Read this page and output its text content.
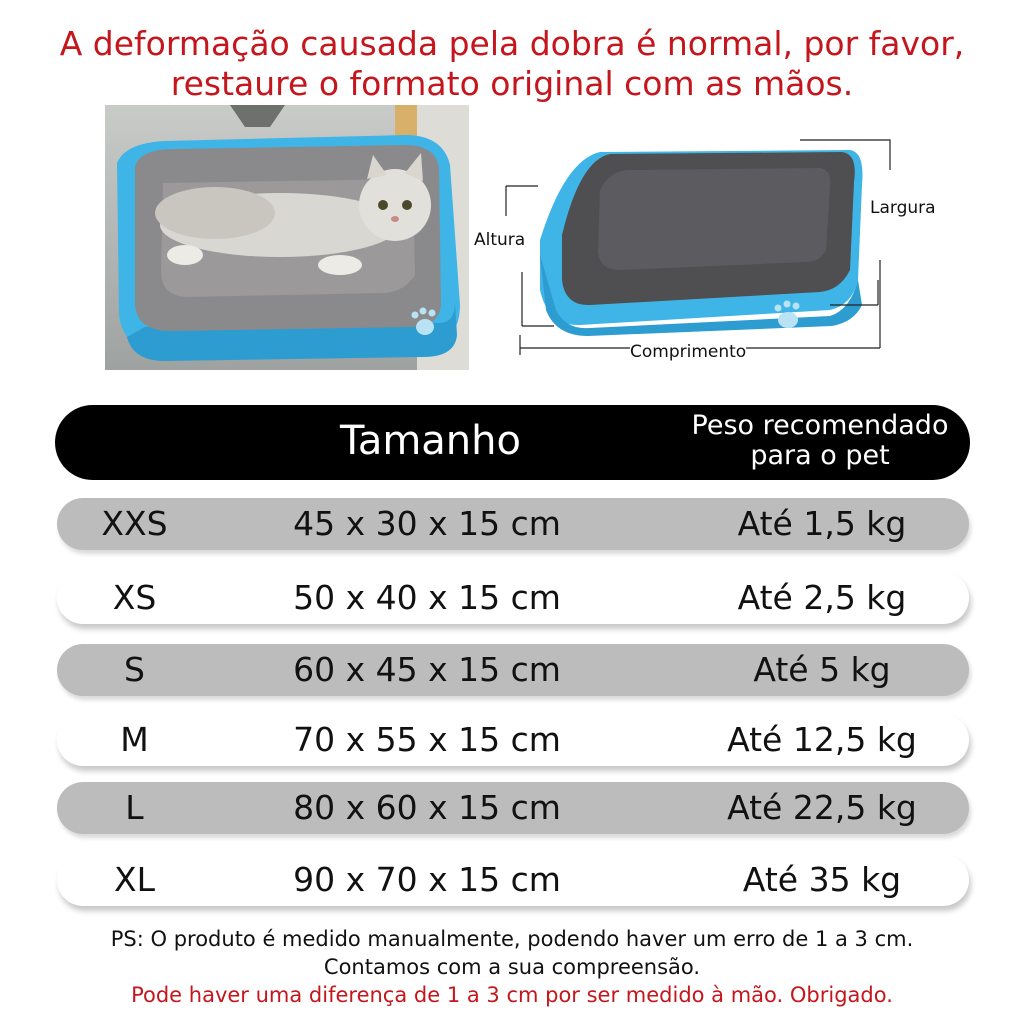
A deformação causada pela dobra é normal, por favor,
restaure o formato original com as mãos.
Altura
Largura
Comprimento
Tamanho	Peso recomendado
para o pet
XXS	45 x 30 x 15 cm	Até 1,5 kg
XS	50 x 40 x 15 cm	Até 2,5 kg
S	60 x 45 x 15 cm	Até 5 kg
M	70 x 55 x 15 cm	Até 12,5 kg
L	80 x 60 x 15 cm	Até 22,5 kg
XL	90 x 70 x 15 cm	Até 35 kg
PS: O produto é medido manualmente, podendo haver um erro de 1 a 3 cm.
Contamos com a sua compreensão.
Pode haver uma diferença de 1 a 3 cm por ser medido à mão. Obrigado.
